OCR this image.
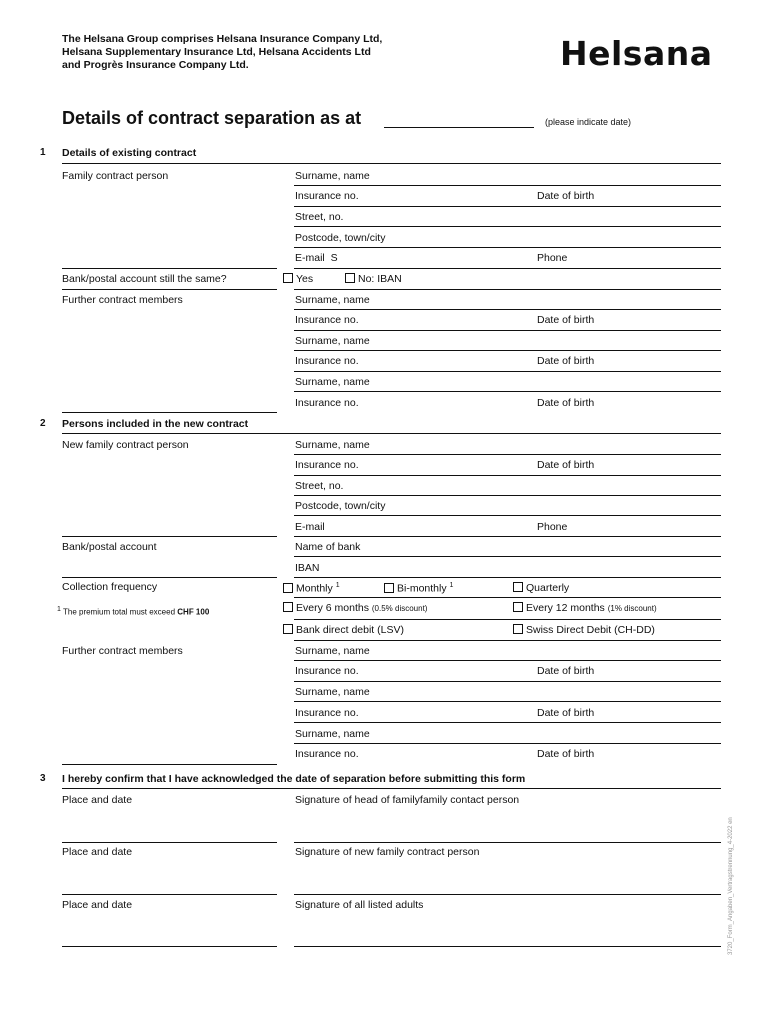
The Helsana Group comprises Helsana Insurance Company Ltd,
Helsana Supplementary Insurance Ltd, Helsana Accidents Ltd
and Progrès Insurance Company Ltd.	Helsana
Details of contract separation as at	(please indicate date)
1 Details of existing contract
Family contract person	Surname, name
Insurance no.	Date of birth
Street, no.
Postcode, town/city
E-mail S	Phone
Bank/postal account still the same?	Yes	No: IBAN
Further contract members	Surname, name
Insurance no.	Date of birth
Surname, name
Insurance no.	Date of birth
Surname, name
Insurance no.	Date of birth
2 Persons included in the new contract
New family contract person	Surname, name
Insurance no.	Date of birth
Street, no.
Postcode, town/city
E-mail	Phone
Bank/postal account	Name of bank
IBAN
Collection frequency	Monthly $^1$	Bi-monthly $^1$	Quarterly
Every 6 months (0.5% discount)	Every 12 months (1% discount)
Bank direct debit (LSV)	Swiss Direct Debit (CH-DD)
1 The premium total must exceed CHF 100
Further contract members	Surname, name
Insurance no.	Date of birth
Surname, name
Insurance no.	Date of birth
Surname, name
Insurance no.	Date of birth
3 I hereby confirm that I have acknowledged the date of separation before submitting this form
Place and date	Signature of head of familyfamily contact person
Place and date	Signature of new family contract person
Place and date	Signature of all listed adults	3720_Form_Angaben_Vertragstrennung_4-2022 en
